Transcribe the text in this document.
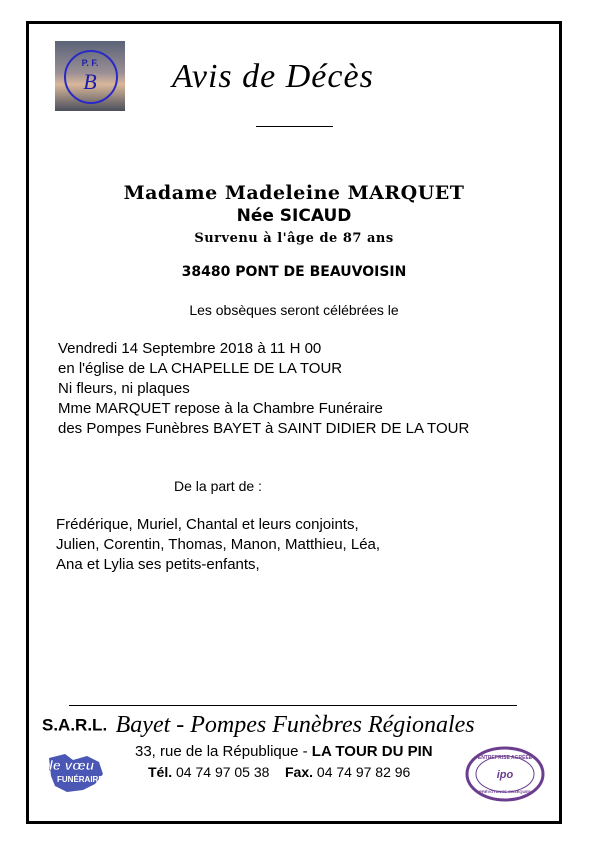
P. F.
B	Avis de Décès
Madame Madeleine MARQUET
Née SICAUD
Survenu à l'âge de 87 ans
38480 PONT DE BEAUVOISIN
Les obsèques seront célébrées le
Vendredi 14 Septembre 2018 à 11 H 00
en l'église de LA CHAPELLE DE LA TOUR
Ni fleurs, ni plaques
Mme MARQUET repose à la Chambre Funéraire
des Pompes Funèbres BAYET à SAINT DIDIER DE LA TOUR
De la part de :
Frédérique, Muriel, Chantal et leurs conjoints,
Julien, Corentin, Thomas, Manon, Matthieu, Léa,
Ana et Lylia ses petits-enfants,
S.A.R.L. Bayet - Pompes Funèbres Régionales
33, rue de la République - LA TOUR DU PIN
Tél. 04 74 97 05 38 Fax. 04 74 97 82 96
le vœu
FUNÉRAIRE
ENTREPRISE AGRÉÉE
ipo
PRÉVOYANCE OBSÈQUES
